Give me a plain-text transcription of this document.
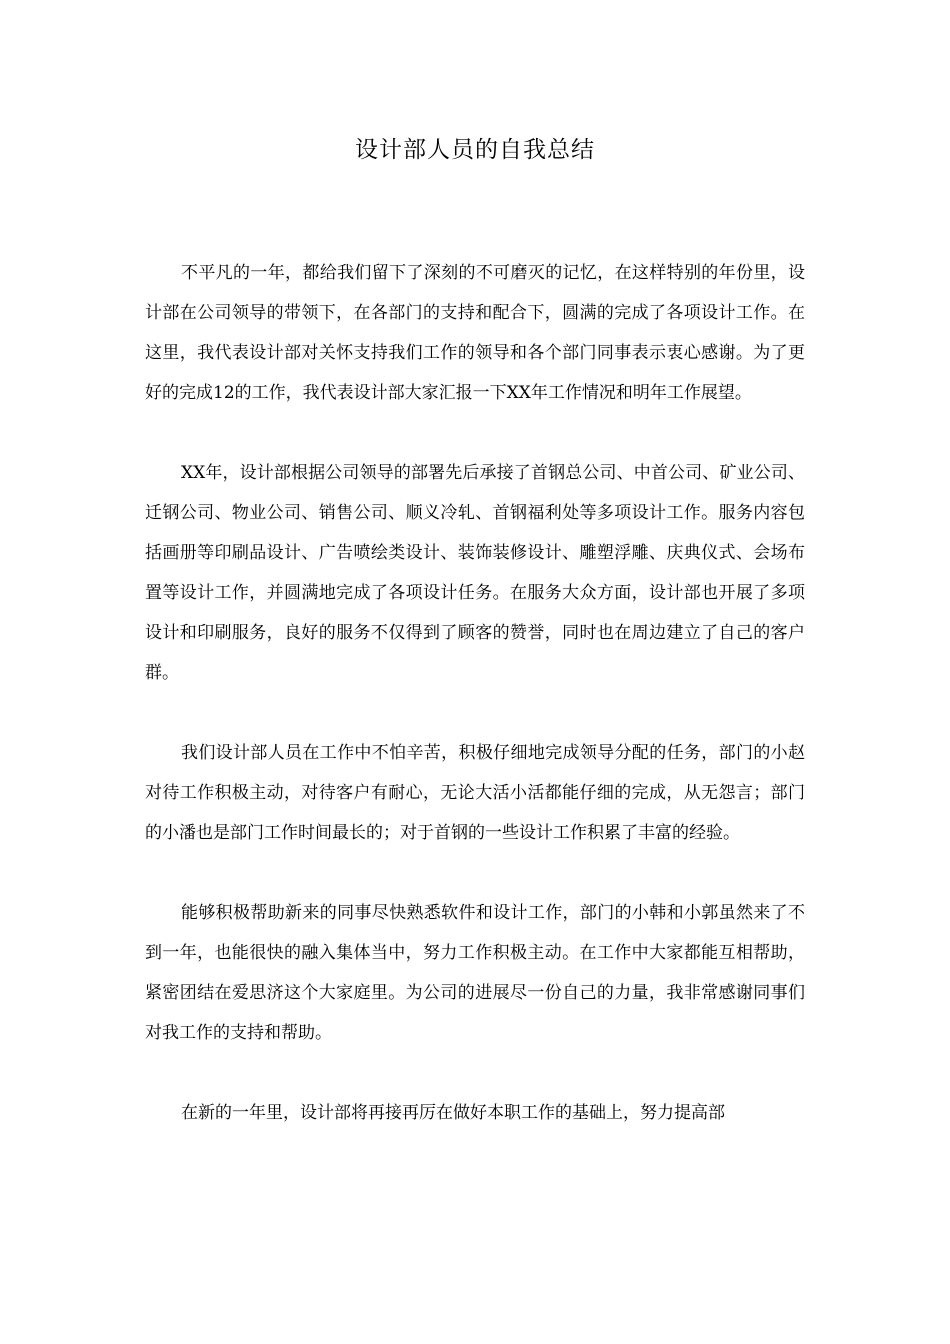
设计部人员的自我总结

不平凡的一年，都给我们留下了深刻的不可磨灭的记忆，在这样特别的年份里，设计部在公司领导的带领下，在各部门的支持和配合下，圆满的完成了各项设计工作。在这里，我代表设计部对关怀支持我们工作的领导和各个部门同事表示衷心感谢。为了更好的完成12的工作，我代表设计部大家汇报一下XX年工作情况和明年工作展望。

XX年，设计部根据公司领导的部署先后承接了首钢总公司、中首公司、矿业公司、迁钢公司、物业公司、销售公司、顺义冷轧、首钢福利处等多项设计工作。服务内容包括画册等印刷品设计、广告喷绘类设计、装饰装修设计、雕塑浮雕、庆典仪式、会场布置等设计工作，并圆满地完成了各项设计任务。在服务大众方面，设计部也开展了多项设计和印刷服务，良好的服务不仅得到了顾客的赞誉，同时也在周边建立了自己的客户群。

我们设计部人员在工作中不怕辛苦，积极仔细地完成领导分配的任务，部门的小赵对待工作积极主动，对待客户有耐心，无论大活小活都能仔细的完成，从无怨言；部门的小潘也是部门工作时间最长的；对于首钢的一些设计工作积累了丰富的经验。

能够积极帮助新来的同事尽快熟悉软件和设计工作，部门的小韩和小郭虽然来了不到一年，也能很快的融入集体当中，努力工作积极主动。在工作中大家都能互相帮助，紧密团结在爱思济这个大家庭里。为公司的进展尽一份自己的力量，我非常感谢同事们对我工作的支持和帮助。

在新的一年里，设计部将再接再厉在做好本职工作的基础上，努力提高部
